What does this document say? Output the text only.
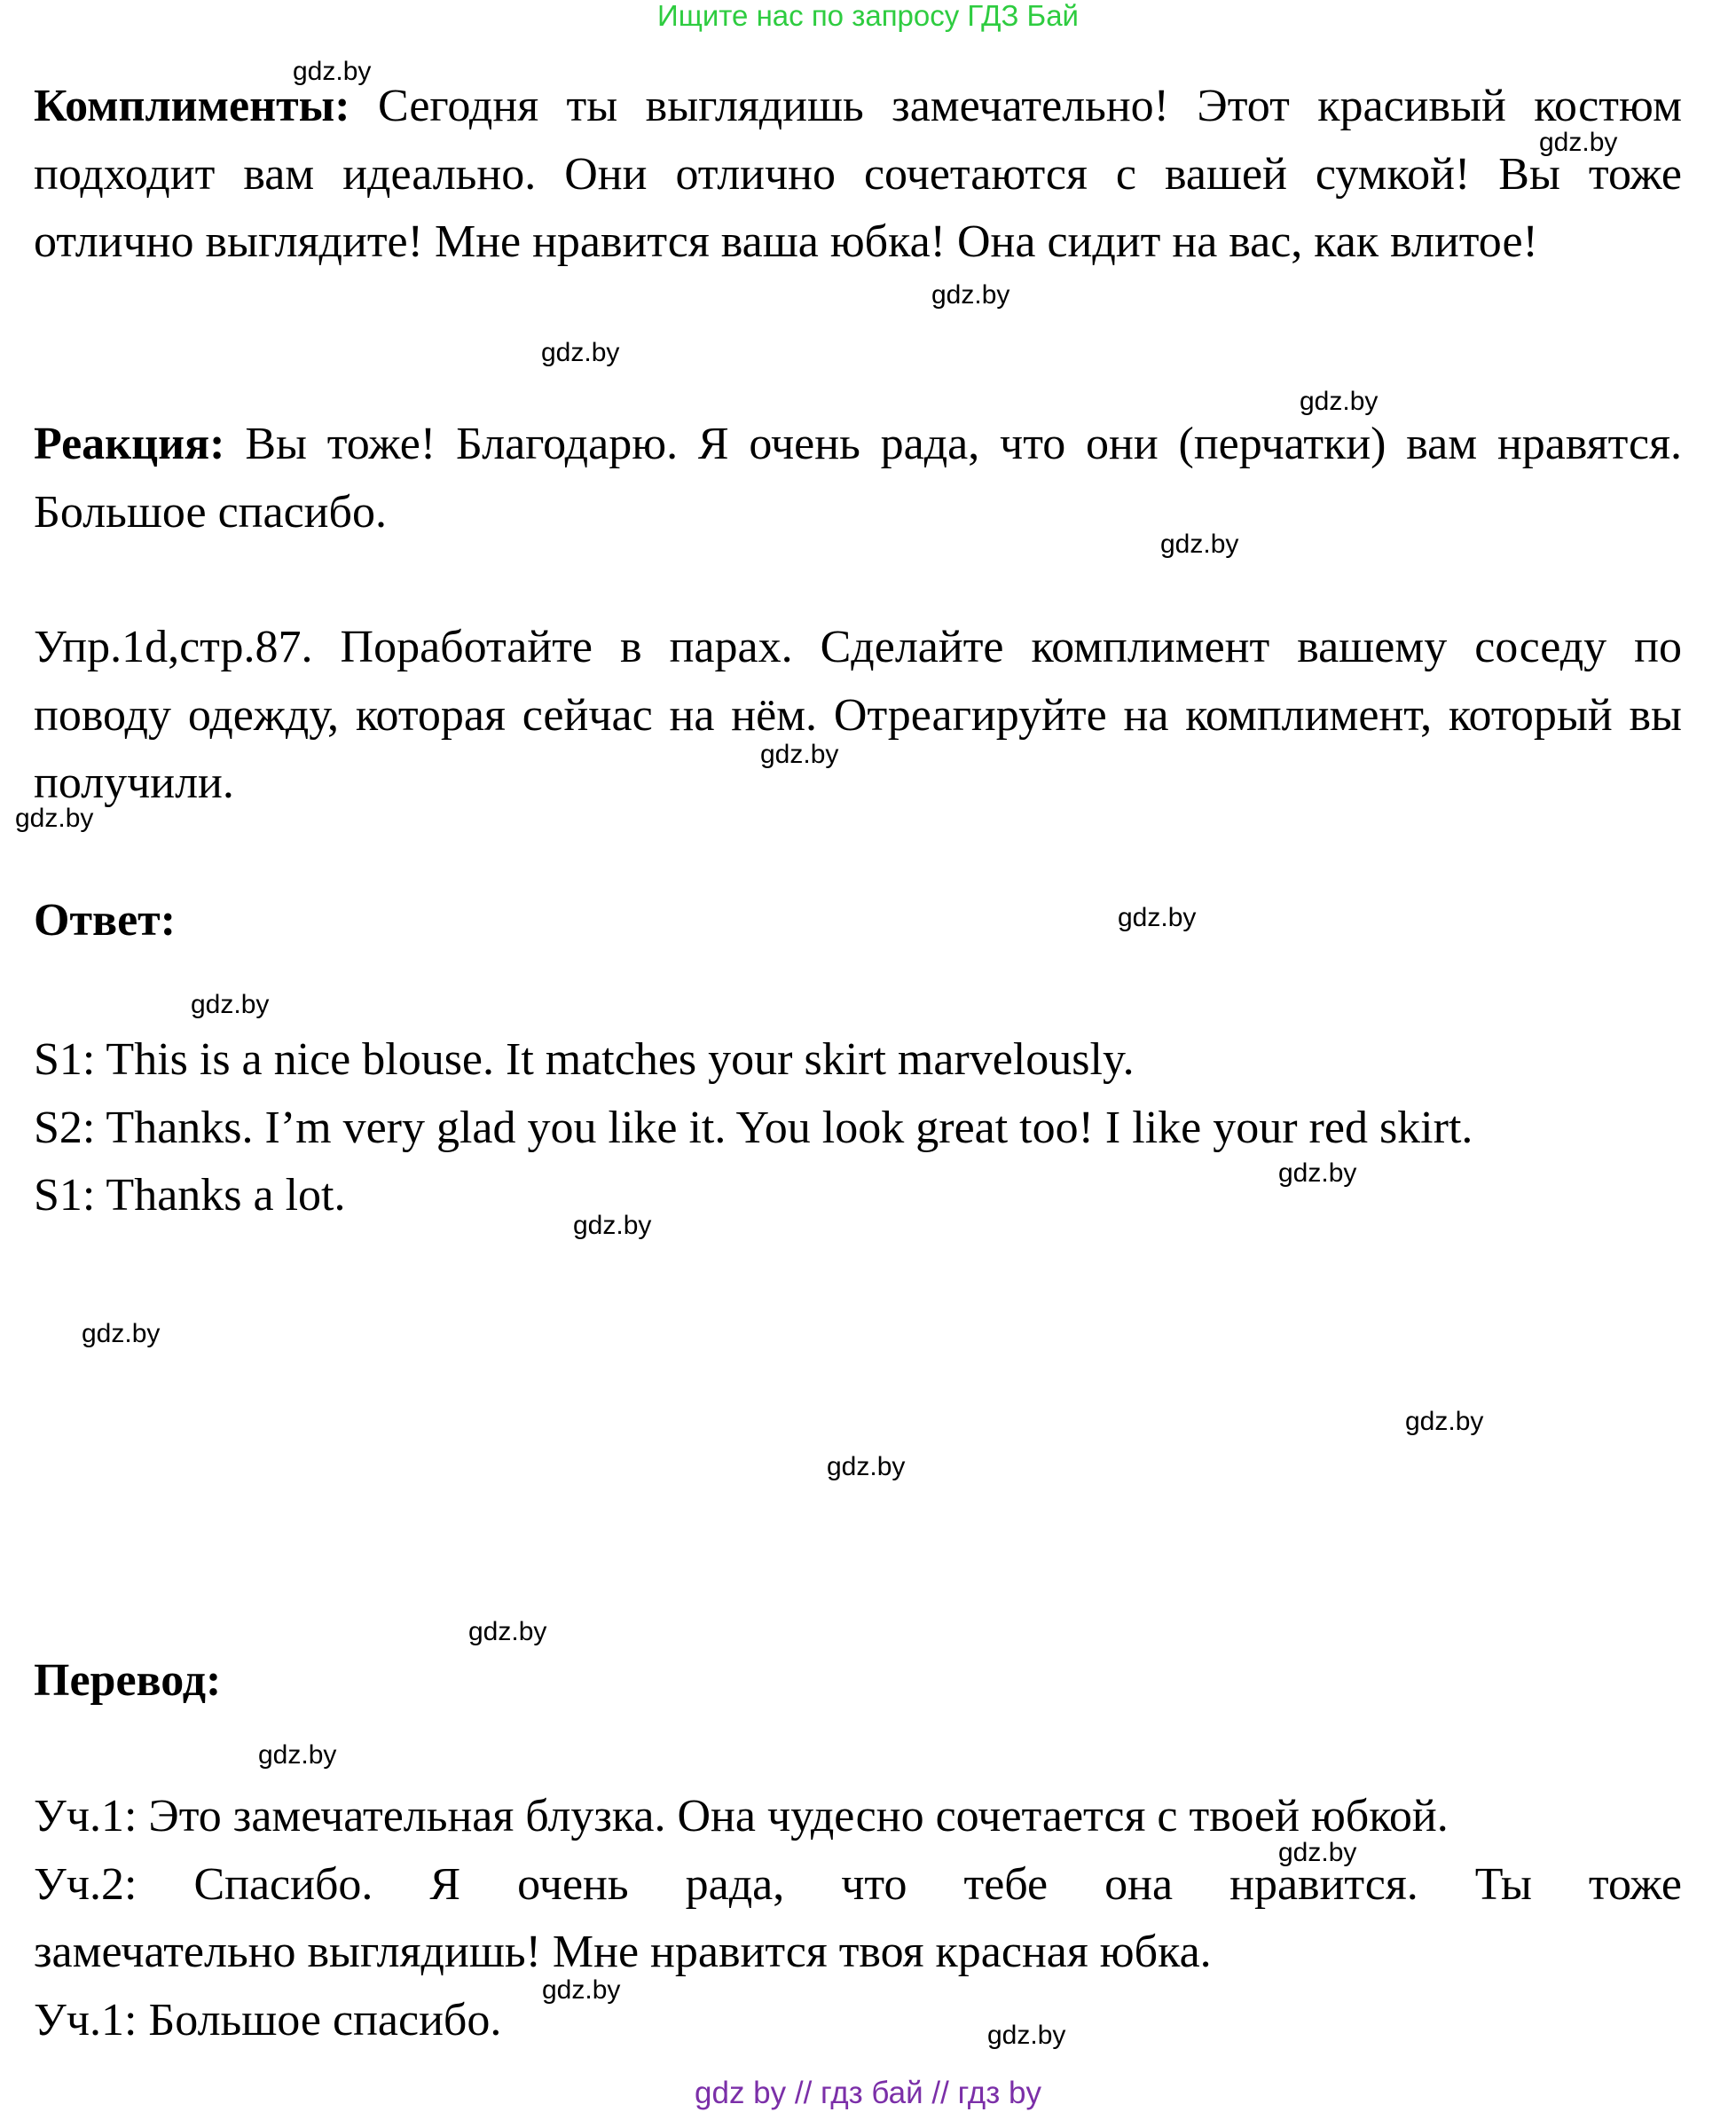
Ищите нас по запросу ГДЗ Бай

Комплименты: Сегодня ты выглядишь замечательно! Этот красивый костюм подходит вам идеально. Они отлично сочетаются с вашей сумкой! Вы тоже отлично выглядите! Мне нравится ваша юбка! Она сидит на вас, как влитое!

Реакция: Вы тоже! Благодарю. Я очень рада, что они (перчатки) вам нравятся. Большое спасибо.

Упр.1d,стр.87. Поработайте в парах. Сделайте комплимент вашему соседу по поводу одежду, которая сейчас на нём. Отреагируйте на комплимент, который вы получили.

Ответ:

S1: This is a nice blouse. It matches your skirt marvelously.

S2: Thanks. I’m very glad you like it. You look great too! I like your red skirt.

S1: Thanks a lot.

Перевод:

Уч.1: Это замечательная блузка. Она чудесно сочетается с твоей юбкой.

Уч.2: Спасибо. Я очень рада, что тебе она нравится. Ты тоже

замечательно выглядишь! Мне нравится твоя красная юбка.

Уч.1: Большое спасибо.

gdz.by
gdz.by
gdz.by
gdz.by
gdz.by
gdz.by
gdz.by
gdz.by
gdz.by
gdz.by
gdz.by
gdz.by
gdz.by
gdz.by
gdz.by
gdz.by
gdz.by
gdz.by
gdz.by
gdz.by
gdz by // гдз бай // гдз by
